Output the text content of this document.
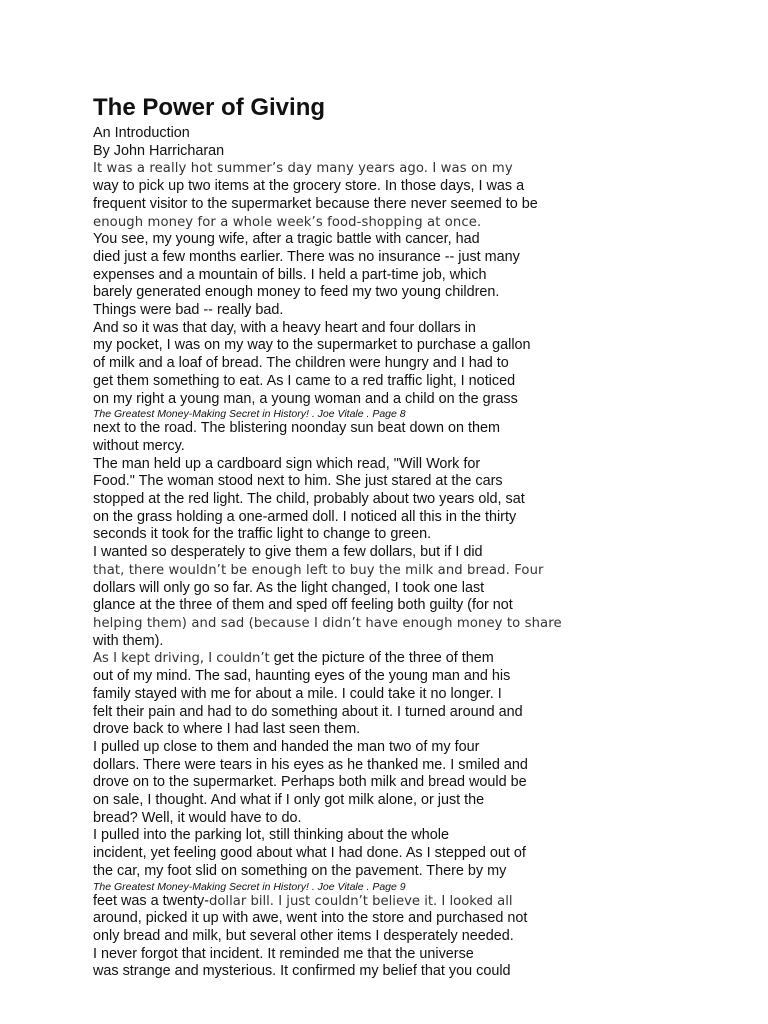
The Power of Giving
An Introduction
By John Harricharan
It was a really hot summer’s day many years ago. I was on my
way to pick up two items at the grocery store. In those days, I was a
frequent visitor to the supermarket because there never seemed to be
enough money for a whole week’s food-shopping at once.
You see, my young wife, after a tragic battle with cancer, had
died just a few months earlier. There was no insurance -- just many
expenses and a mountain of bills. I held a part-time job, which
barely generated enough money to feed my two young children.
Things were bad -- really bad.
And so it was that day, with a heavy heart and four dollars in
my pocket, I was on my way to the supermarket to purchase a gallon
of milk and a loaf of bread. The children were hungry and I had to
get them something to eat. As I came to a red traffic light, I noticed
on my right a young man, a young woman and a child on the grass
The Greatest Money-Making Secret in History! . Joe Vitale . Page 8
next to the road. The blistering noonday sun beat down on them
without mercy.
The man held up a cardboard sign which read, "Will Work for
Food." The woman stood next to him. She just stared at the cars
stopped at the red light. The child, probably about two years old, sat
on the grass holding a one-armed doll. I noticed all this in the thirty
seconds it took for the traffic light to change to green.
I wanted so desperately to give them a few dollars, but if I did
that, there wouldn’t be enough left to buy the milk and bread. Four
dollars will only go so far. As the light changed, I took one last
glance at the three of them and sped off feeling both guilty (for not
helping them) and sad (because I didn’t have enough money to share
with them).
As I kept driving, I couldn’t get the picture of the three of them
out of my mind. The sad, haunting eyes of the young man and his
family stayed with me for about a mile. I could take it no longer. I
felt their pain and had to do something about it. I turned around and
drove back to where I had last seen them.
I pulled up close to them and handed the man two of my four
dollars. There were tears in his eyes as he thanked me. I smiled and
drove on to the supermarket. Perhaps both milk and bread would be
on sale, I thought. And what if I only got milk alone, or just the
bread? Well, it would have to do.
I pulled into the parking lot, still thinking about the whole
incident, yet feeling good about what I had done. As I stepped out of
the car, my foot slid on something on the pavement. There by my
The Greatest Money-Making Secret in History! . Joe Vitale . Page 9
feet was a twenty-dollar bill. I just couldn’t believe it. I looked all
around, picked it up with awe, went into the store and purchased not
only bread and milk, but several other items I desperately needed.
I never forgot that incident. It reminded me that the universe
was strange and mysterious. It confirmed my belief that you could
